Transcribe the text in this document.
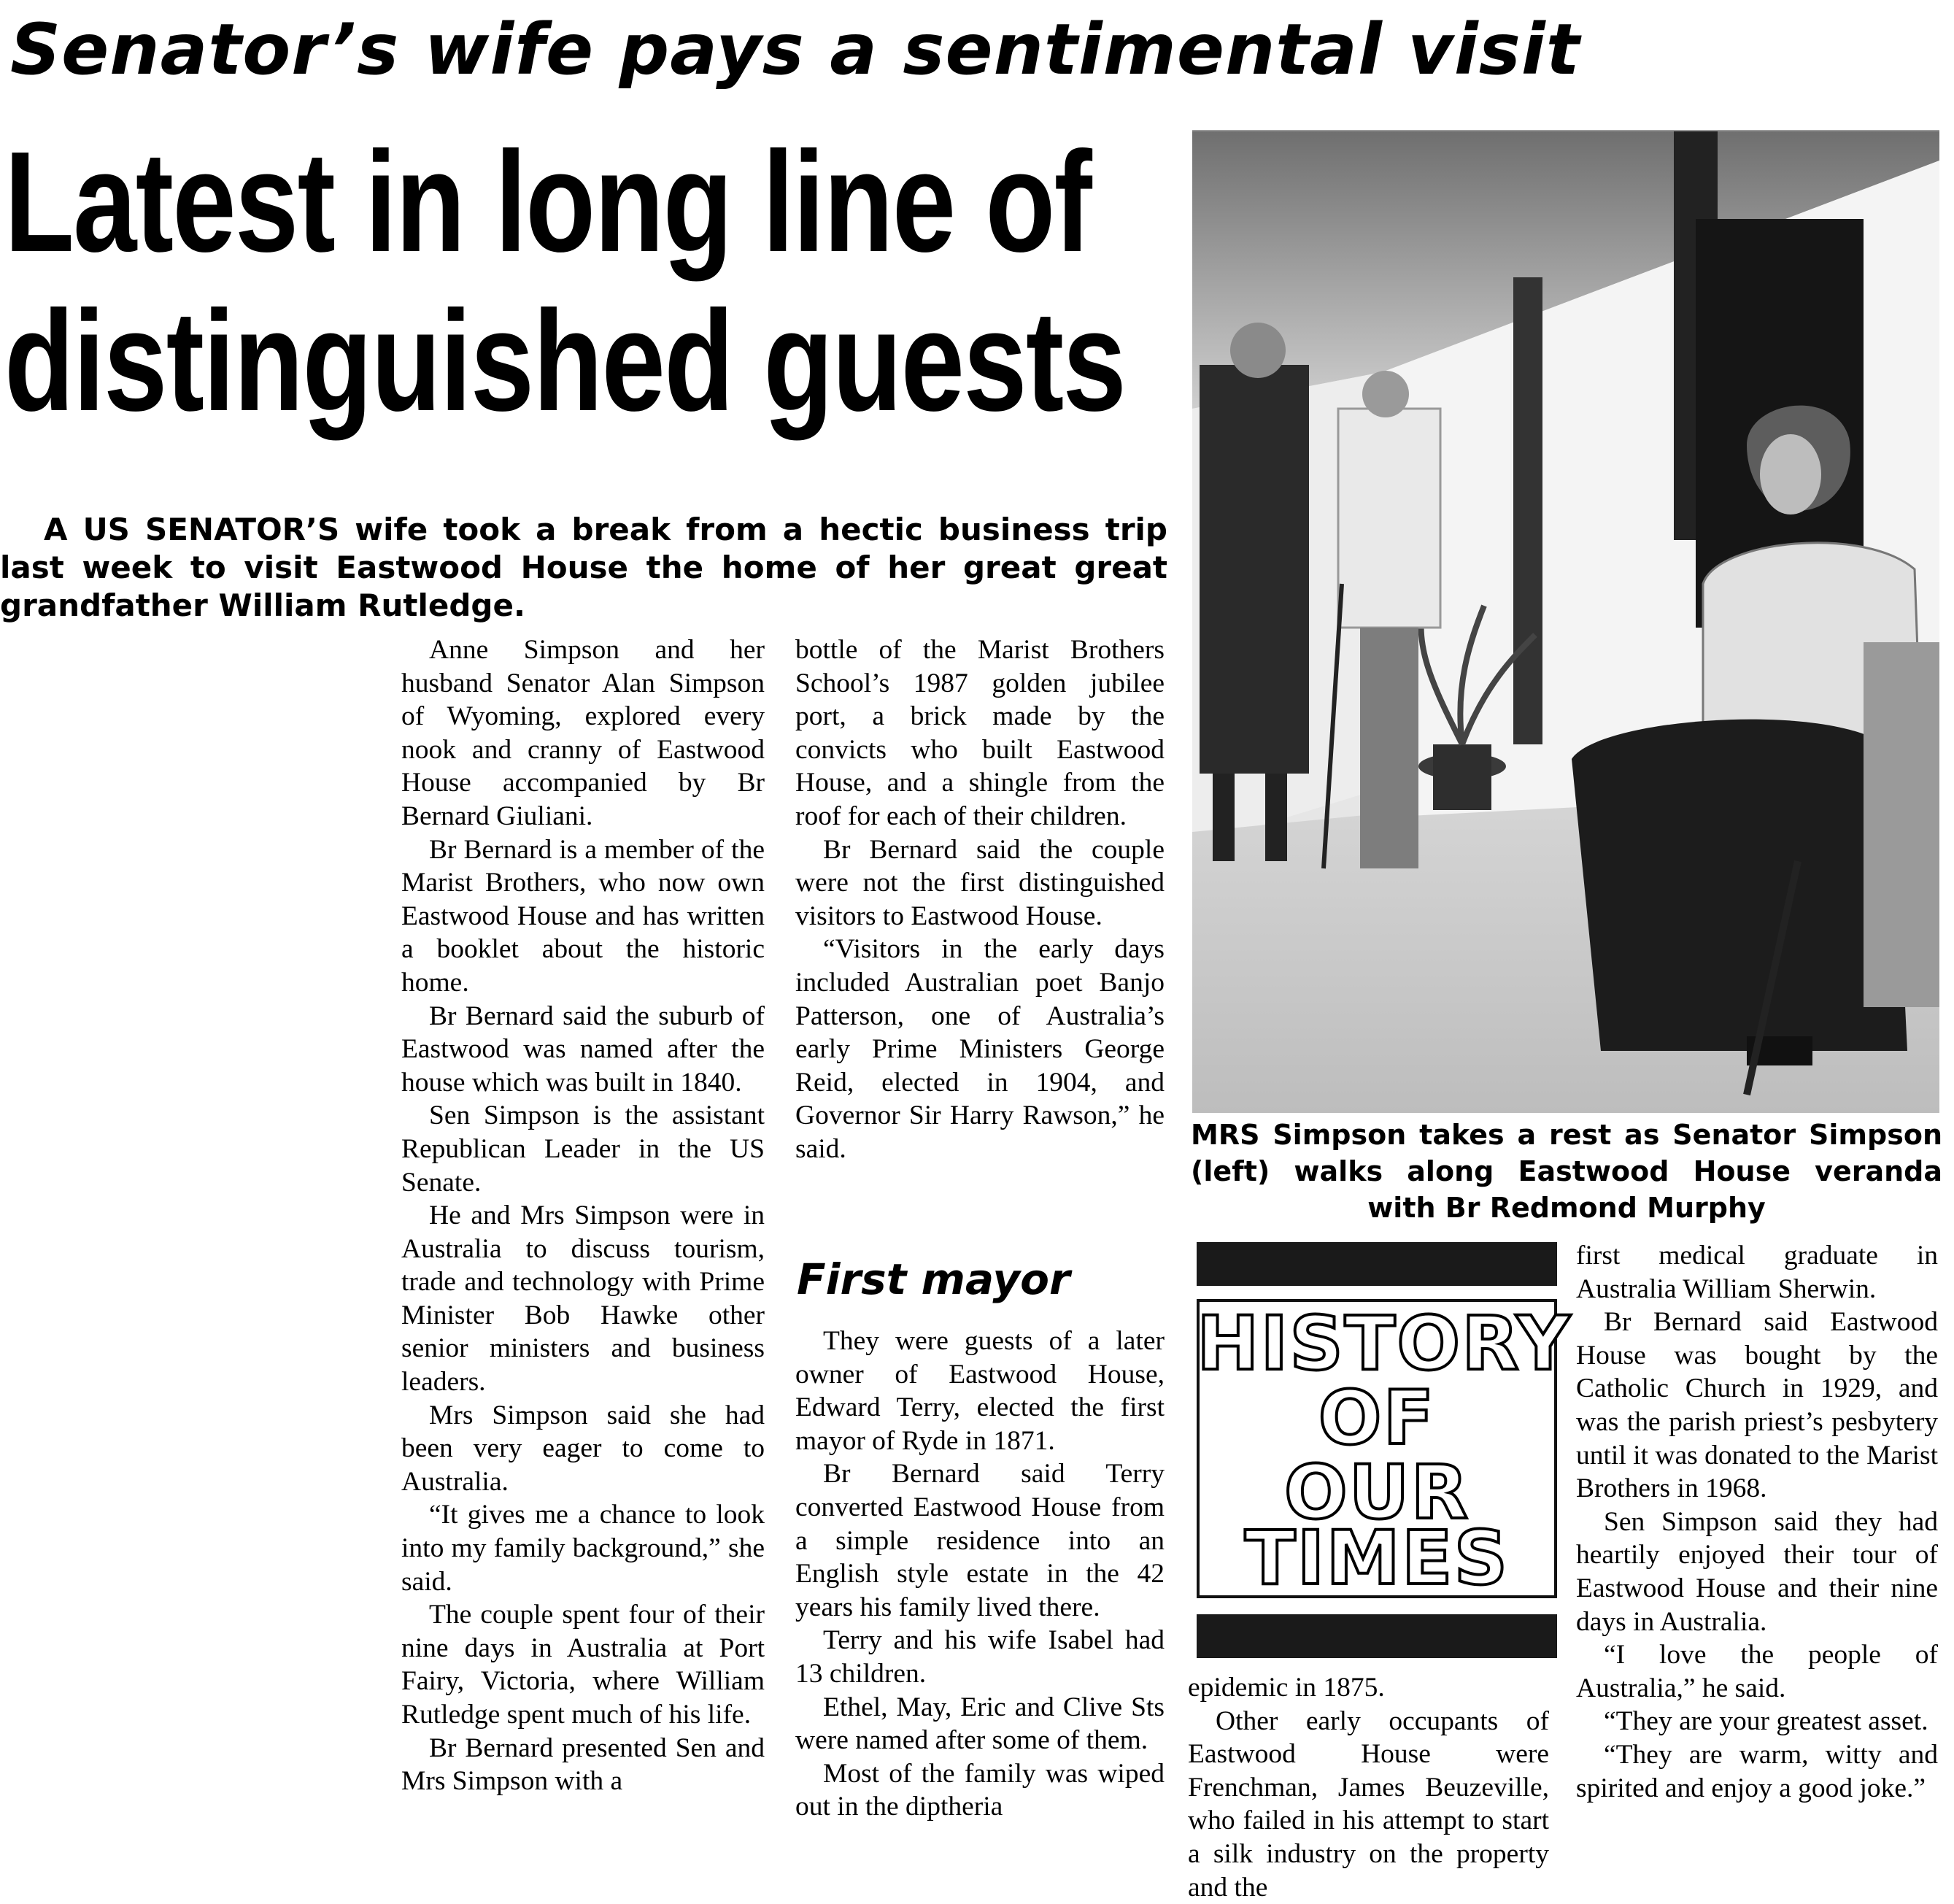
Senator’s wife pays a sentimental visit
Latest in long line of
distinguished guests
A US SENATOR’S wife took a break from a hectic business trip last week to visit Eastwood House the home of her great great grandfather William Rutledge.

Anne Simpson and her husband Senator Alan Simpson of Wyoming, explored every nook and cranny of Eastwood House accompanied by Br Bernard Giuliani.

Br Bernard is a member of the Marist Brothers, who now own Eastwood House and has written a booklet about the historic home.

Br Bernard said the suburb of Eastwood was named after the house which was built in 1840.

Sen Simpson is the assistant Republican Leader in the US Senate.

He and Mrs Simpson were in Australia to discuss tourism, trade and technology with Prime Minister Bob Hawke other senior ministers and business leaders.

Mrs Simpson said she had been very eager to come to Australia.

“It gives me a chance to look into my family background,” she said.

The couple spent four of their nine days in Australia at Port Fairy, Victoria, where William Rutledge spent much of his life.

Br Bernard presented Sen and Mrs Simpson with a

bottle of the Marist Brothers School’s 1987 golden jubilee port, a brick made by the convicts who built Eastwood House, and a shingle from the roof for each of their children.

Br Bernard said the couple were not the first distinguished visitors to Eastwood House.

“Visitors in the early days included Australian poet Banjo Patterson, one of Australia’s early Prime Ministers George Reid, elected in 1904, and Governor Sir Harry Rawson,” he said.

First mayor

They were guests of a later owner of Eastwood House, Edward Terry, elected the first mayor of Ryde in 1871.

Br Bernard said Terry converted Eastwood House from a simple residence into an English style estate in the 42 years his family lived there.

Terry and his wife Isabel had 13 children.

Ethel, May, Eric and Clive Sts were named after some of them.

Most of the family was wiped out in the diptheria

MRS Simpson takes a rest as Senator Simpson (left) walks along Eastwood House veranda with Br Redmond Murphy
HISTORY
OF
OUR
TIMES

epidemic in 1875.

Other early occupants of Eastwood House were Frenchman, James Beuzeville, who failed in his attempt to start a silk industry on the property and the

first medical graduate in Australia William Sherwin.

Br Bernard said Eastwood House was bought by the Catholic Church in 1929, and was the parish priest’s pesbytery until it was donated to the Marist Brothers in 1968.

Sen Simpson said they had heartily enjoyed their tour of Eastwood House and their nine days in Australia.

“I love the people of Australia,” he said.

“They are your greatest asset.

“They are warm, witty and spirited and enjoy a good joke.”
